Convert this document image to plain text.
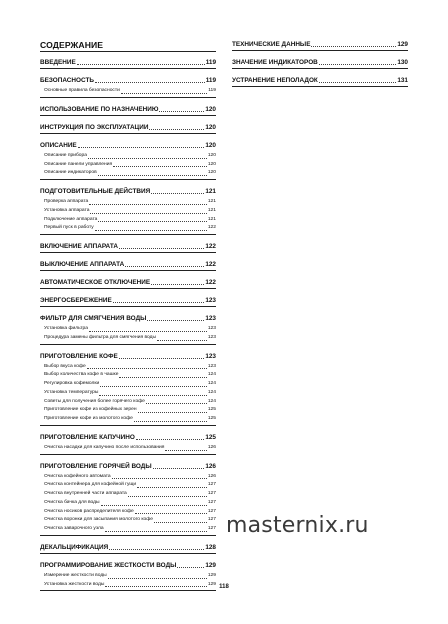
СОДЕРЖАНИЕ
ВВЕДЕНИЕ	119
БЕЗОПАСНОСТЬ	119
Основные правила безопасности	119
ИСПОЛЬЗОВАНИЕ ПО НАЗНАЧЕНИЮ	120
ИНСТРУКЦИЯ ПО ЭКСПЛУАТАЦИИ	120
ОПИСАНИЕ	120
Описание прибора	120
Описание панели управления	120
Описание индикаторов	120
ПОДГОТОВИТЕЛЬНЫЕ ДЕЙСТВИЯ	121
Проверка аппарата	121
Установка аппарата	121
Подключение аппарата	121
Первый пуск в работу	122
ВКЛЮЧЕНИЕ АППАРАТА	122
ВЫКЛЮЧЕНИЕ АППАРАТА	122
АВТОМАТИЧЕСКОЕ ОТКЛЮЧЕНИЕ	122
ЭНЕРГОСБЕРЕЖЕНИЕ	123
ФИЛЬТР ДЛЯ СМЯГЧЕНИЯ ВОДЫ	123
Установка фильтра	123
Процедура замены фильтра для смягчения воды	123
ПРИГОТОВЛЕНИЕ КОФЕ	123
Выбор вкуса кофе	123
Выбор количества кофе в чашке	124
Регулировка кофемолки	124
Установка температуры	124
Советы для получения более горячего кофе	124
Приготовление кофе из кофейных зерен	125
Приготовление кофе из молотого кофе	125
ПРИГОТОВЛЕНИЕ КАПУЧИНО	125
Очистка насадки для капучино после использования	126
ПРИГОТОВЛЕНИЕ ГОРЯЧЕЙ ВОДЫ	126
Очистка кофейного автомата	126
Очистка контейнера для кофейной гущи	127
Очистка внутренней части аппарата	127
Очистка бачка для воды	127
Очистка носиков распределителя кофе	127
Очистка воронки для засыпания молотого кофе	127
Очистка заварочного узла	127
ДЕКАЛЬЦИФИКАЦИЯ	128
ПРОГРАММИРОВАНИЕ ЖЕСТКОСТИ ВОДЫ	129
Измерение жесткости воды	129
Установка жесткости воды	129
ТЕХНИЧЕСКИЕ ДАННЫЕ	129
ЗНАЧЕНИЕ ИНДИКАТОРОВ	130
УСТРАНЕНИЕ НЕПОЛАДОК	131
masternix.ru
118
